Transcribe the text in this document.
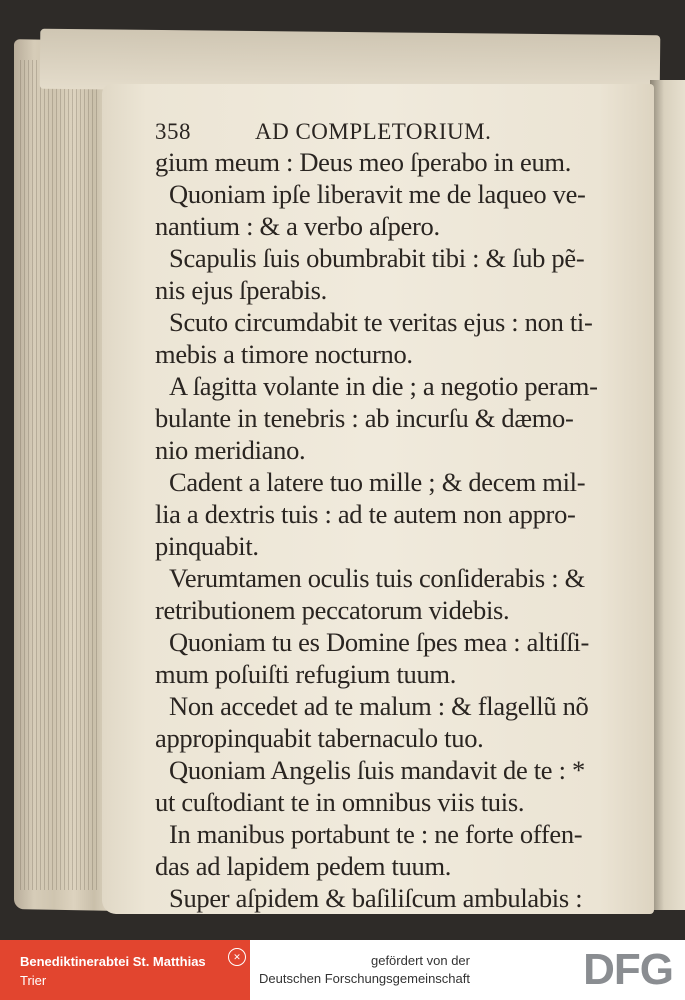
358	AD COMPLETORIUM.
gium meum : Deus meo ſperabo in eum.
Quoniam ipſe liberavit me de laqueo ve-
nantium : & a verbo aſpero.
Scapulis ſuis obumbrabit tibi : & ſub pẽ-
nis ejus ſperabis.
Scuto circumdabit te veritas ejus : non ti-
mebis a timore nocturno.
A ſagitta volante in die ; a negotio peram-
bulante in tenebris : ab incurſu & dæmo-
nio meridiano.
Cadent a latere tuo mille ; & decem mil-
lia a dextris tuis : ad te autem non appro-
pinquabit.
Verumtamen oculis tuis conſiderabis : &
retributionem peccatorum videbis.
Quoniam tu es Domine ſpes mea : altiſſi-
mum poſuiſti refugium tuum.
Non accedet ad te malum : & flagellũ nõ
appropinquabit tabernaculo tuo.
Quoniam Angelis ſuis mandavit de te : *
ut cuſtodiant te in omnibus viis tuis.
In manibus portabunt te : ne forte offen-
das ad lapidem pedem tuum.
Super aſpidem & baſiliſcum ambulabis :
Benediktinerabtei St. Matthias
Trier
✕	gefördert von der
Deutschen Forschungsgemeinschaft	DFG
